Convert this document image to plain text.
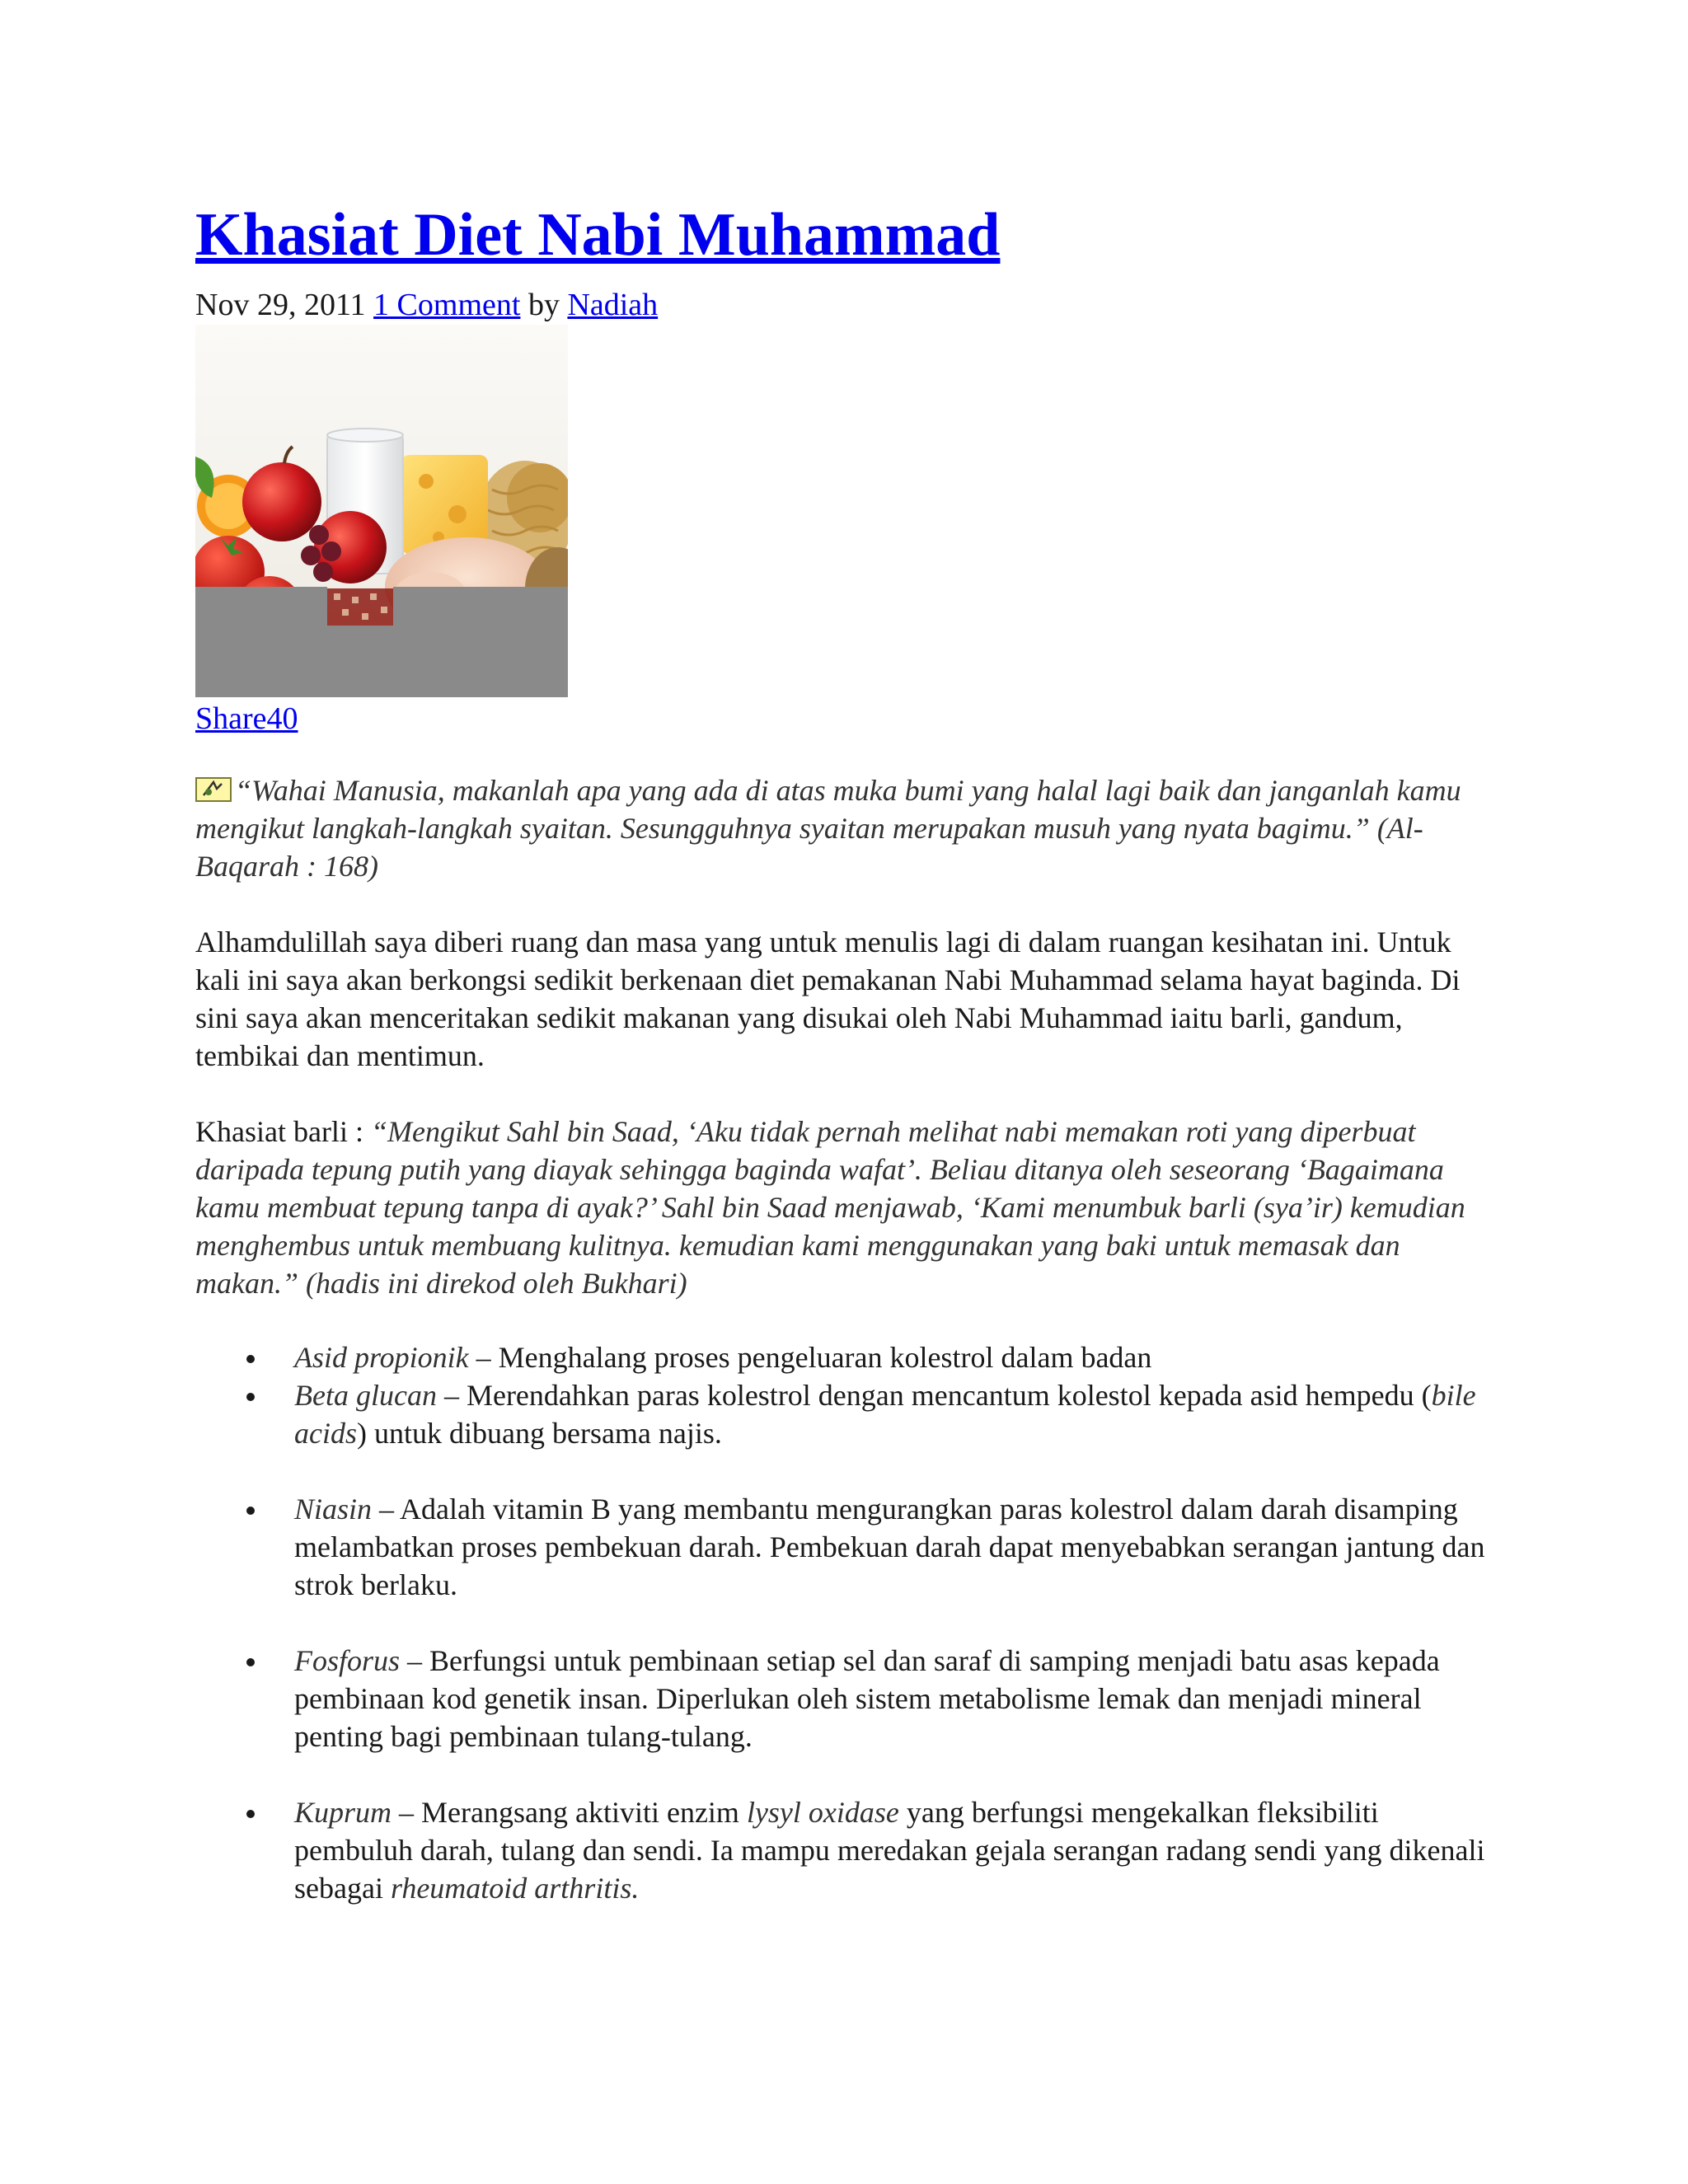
Khasiat Diet Nabi Muhammad
Nov 29, 2011 1 Comment by Nadiah
Share40

“Wahai Manusia, makanlah apa yang ada di atas muka bumi yang halal lagi baik dan janganlah kamu mengikut langkah-langkah syaitan. Sesungguhnya syaitan merupakan musuh yang nyata bagimu.” (Al-Baqarah : 168)

Alhamdulillah saya diberi ruang dan masa yang untuk menulis lagi di dalam ruangan kesihatan ini. Untuk kali ini saya akan berkongsi sedikit berkenaan diet pemakanan Nabi Muhammad selama hayat baginda. Di sini saya akan menceritakan sedikit makanan yang disukai oleh Nabi Muhammad iaitu barli, gandum, tembikai dan mentimun.

Khasiat barli : “Mengikut Sahl bin Saad, ‘Aku tidak pernah melihat nabi memakan roti yang diperbuat daripada tepung putih yang diayak sehingga baginda wafat’. Beliau ditanya oleh seseorang ‘Bagaimana kamu membuat tepung tanpa di ayak?’ Sahl bin Saad menjawab, ‘Kami menumbuk barli (sya’ir) kemudian menghembus untuk membuang kulitnya. kemudian kami menggunakan yang baki untuk memasak dan makan.” (hadis ini direkod oleh Bukhari)

Asid propionik – Menghalang proses pengeluaran kolestrol dalam badan
Beta glucan – Merendahkan paras kolestrol dengan mencantum kolestol kepada asid hempedu (bile acids) untuk dibuang bersama najis.
Niasin – Adalah vitamin B yang membantu mengurangkan paras kolestrol dalam darah disamping melambatkan proses pembekuan darah. Pembekuan darah dapat menyebabkan serangan jantung dan strok berlaku.
Fosforus – Berfungsi untuk pembinaan setiap sel dan saraf di samping menjadi batu asas kepada pembinaan kod genetik insan. Diperlukan oleh sistem metabolisme lemak dan menjadi mineral penting bagi pembinaan tulang-tulang.
Kuprum – Merangsang aktiviti enzim lysyl oxidase yang berfungsi mengekalkan fleksibiliti pembuluh darah, tulang dan sendi. Ia mampu meredakan gejala serangan radang sendi yang dikenali sebagai rheumatoid arthritis.
